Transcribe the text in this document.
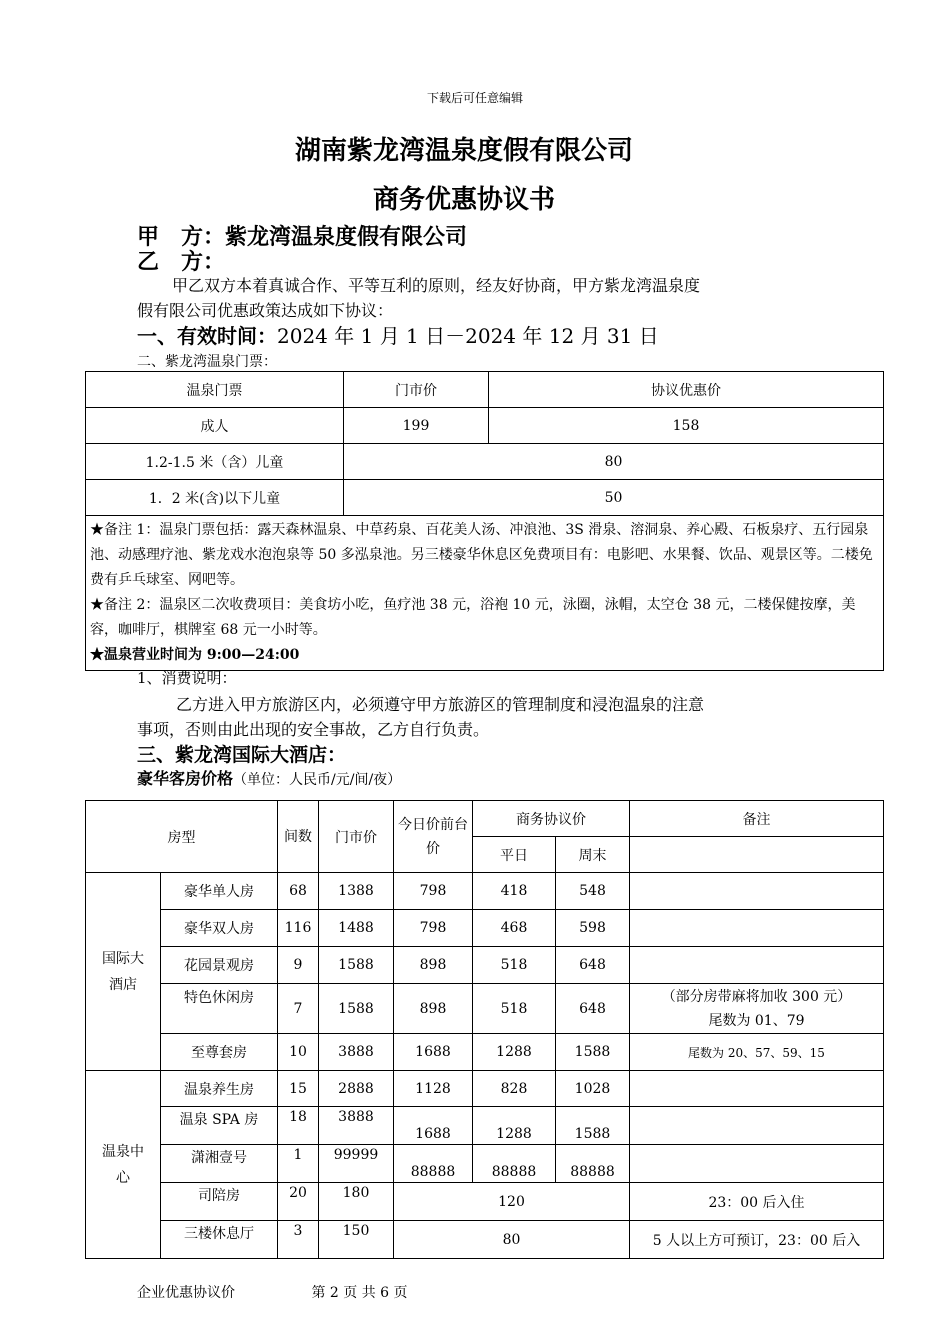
下载后可任意编辑
湖南紫龙湾温泉度假有限公司
商务优惠协议书
甲　方：紫龙湾温泉度假有限公司
乙　方：
甲乙双方本着真诚合作、平等互利的原则，经友好协商，甲方紫龙湾温泉度
假有限公司优惠政策达成如下协议：
一、有效时间：2024 年 1 月 1 日－2024 年 12 月 31 日
二、紫龙湾温泉门票：
温泉门票	门市价	协议优惠价
成人	199	158
1.2-1.5 米（含）儿童	80	
1．2 米(含)以下儿童	50	

★备注 1：温泉门票包括：露天森林温泉、中草药泉、百花美人汤、冲浪池、3S 滑泉、溶洞泉、养心殿、石板泉疗、五行园泉池、动感理疗池、紫龙戏水泡泡泉等 50 多泓泉池。另三楼豪华休息区免费项目有：电影吧、水果餐、饮品、观景区等。二楼免费有乒乓球室、网吧等。
★备注 2：温泉区二次收费项目：美食坊小吃，鱼疗池 38 元，浴袍 10 元，泳圈，泳帽，太空仓 38 元，二楼保健按摩，美容，咖啡厅，棋牌室 68 元一小时等。
★温泉营业时间为 9:00—24:00		
1、消费说明：
乙方进入甲方旅游区内，必须遵守甲方旅游区的管理制度和浸泡温泉的注意
事项，否则由此出现的安全事故，乙方自行负责。
三、紫龙湾国际大酒店：
豪华客房价格（单位：人民币/元/间/夜）
房型		间数	门市价	今日价前台价	商务协议价		备注
					平日	周末	
国际大酒店	豪华单人房	68	1388	798	418	548	
	豪华双人房	116	1488	798	468	598	
	花园景观房	9	1588	898	518	648	
	特色休闲房	7	1588	898	518	648	（部分房带麻将加收 300 元）
尾数为 01、79

	至尊套房	10	3888	1688	1288	1588	尾数为 20、57、59、15
温泉中心	温泉养生房	15	2888	1128	828	1028	
	温泉 SPA 房	18	3888	1688	1288	1588	
	潇湘壹号	1	99999	88888	88888	88888	
	司陪房	20	180	120			23：00 后入住
	三楼休息厅	3	150	80			5 人以上方可预订，23：00 后入
企业优惠协议价	第 2 页 共 6 页
